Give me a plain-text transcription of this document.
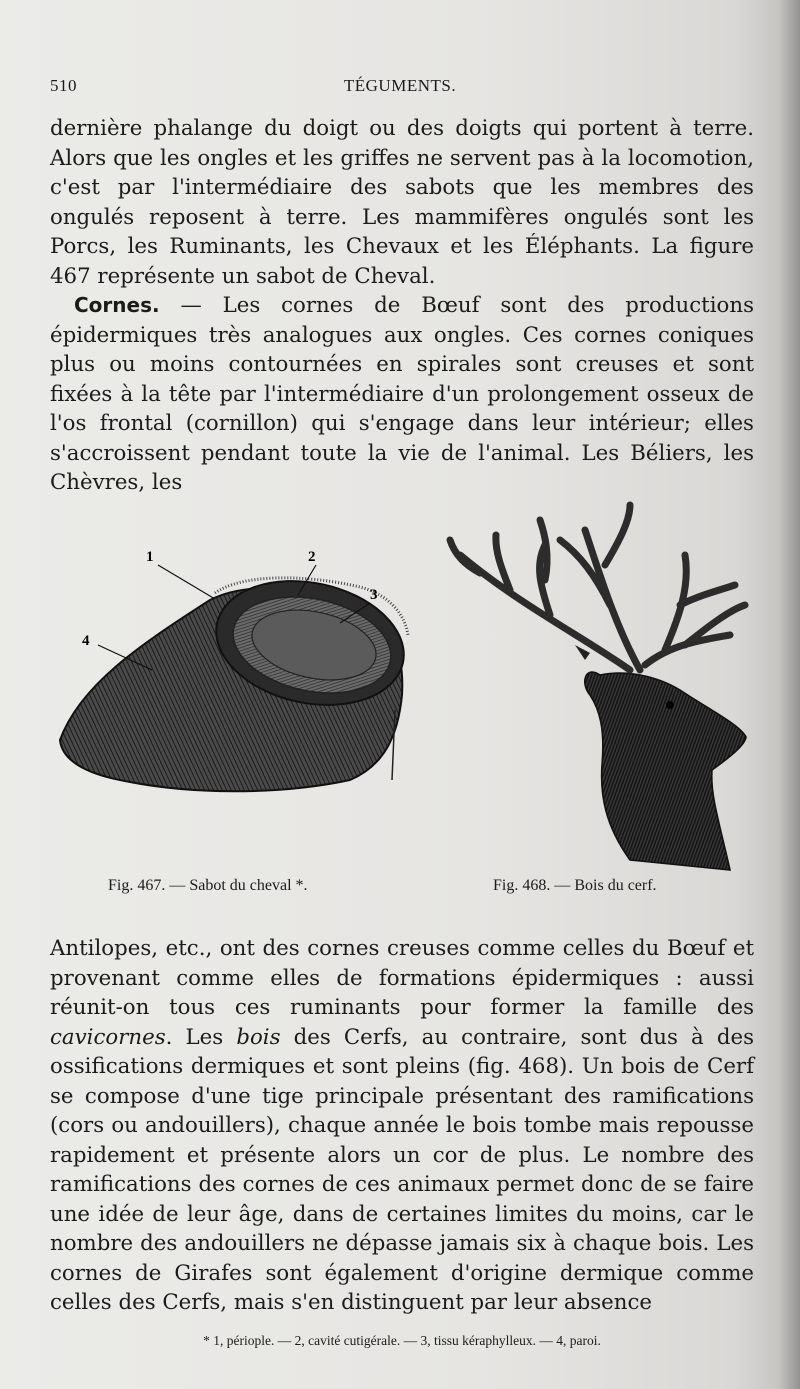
510	TÉGUMENTS.

dernière phalange du doigt ou des doigts qui portent à terre. Alors que les ongles et les griffes ne servent pas à la locomotion, c'est par l'intermédiaire des sabots que les membres des ongulés reposent à terre. Les mammifères ongulés sont les Porcs, les Ruminants, les Chevaux et les Éléphants. La figure 467 représente un sabot de Cheval.

Cornes. — Les cornes de Bœuf sont des productions épidermiques très analogues aux ongles. Ces cornes coniques plus ou moins contournées en spirales sont creuses et sont fixées à la tête par l'intermédiaire d'un prolongement osseux de l'os frontal (cornillon) qui s'engage dans leur intérieur; elles s'accroissent pendant toute la vie de l'animal. Les Béliers, les Chèvres, les

1	2
3
4
Fig. 467. — Sabot du cheval *.	Fig. 468. — Bois du cerf.

Antilopes, etc., ont des cornes creuses comme celles du Bœuf et provenant comme elles de formations épidermiques : aussi réunit-on tous ces ruminants pour former la famille des cavicornes. Les bois des Cerfs, au contraire, sont dus à des ossifications dermiques et sont pleins (fig. 468). Un bois de Cerf se compose d'une tige principale présentant des ramifications (cors ou andouillers), chaque année le bois tombe mais repousse rapidement et présente alors un cor de plus. Le nombre des ramifications des cornes de ces animaux permet donc de se faire une idée de leur âge, dans de certaines limites du moins, car le nombre des andouillers ne dépasse jamais six à chaque bois. Les cornes de Girafes sont également d'origine dermique comme celles des Cerfs, mais s'en distinguent par leur absence

* 1, périople. — 2, cavité cutigérale. — 3, tissu kéraphylleux. — 4, paroi.
